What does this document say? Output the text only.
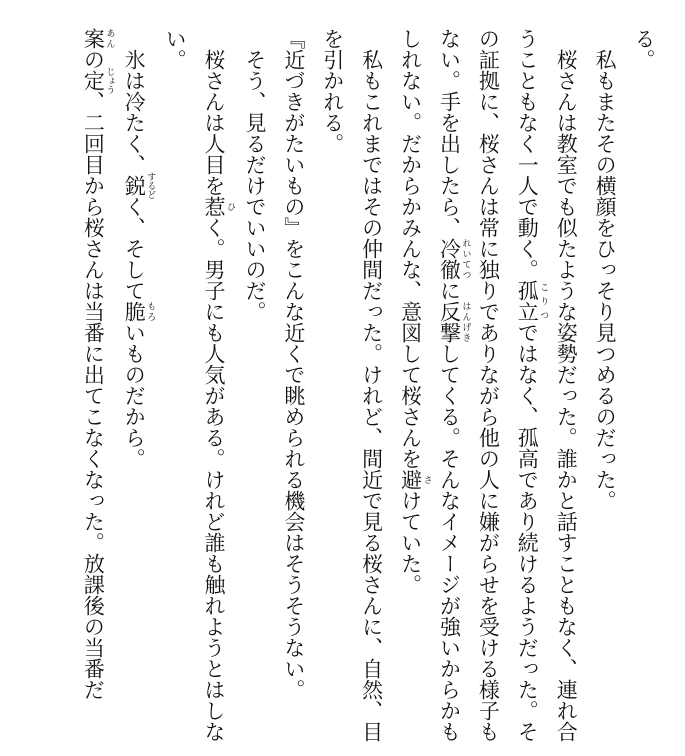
る。

私もまたその横顔をひっそり見つめるのだった。

桜さんは教室でも似たような姿勢だった。誰かと話すこともなく、連れ合うこともなく一人で動く。孤立 こりつではなく、孤高であり続けるようだった。その証拠に、桜さんは常に独りでありながら他の人に嫌がらせを受ける様子もない。手を出したら、冷徹 れいてつに反撃 はんげきしてくる。そんなイメージが強いからかもしれない。だからかみんな、意図して桜さんを避 さけていた。

私もこれまではその仲間だった。けれど、間近で見る桜さんに、自然、目を引かれる。

『近づきがたいもの』をこんな近くで眺められる機会はそうそうない。

そう、見るだけでいいのだ。

桜さんは人目を惹 ひく。男子にも人気がある。けれど誰も触れようとはしない。

氷は冷たく、鋭 するどく、そして脆 もろいものだから。

案 あんの定 じょう、二回目から桜さんは当番に出てこなくなった。放課後の当番だ
